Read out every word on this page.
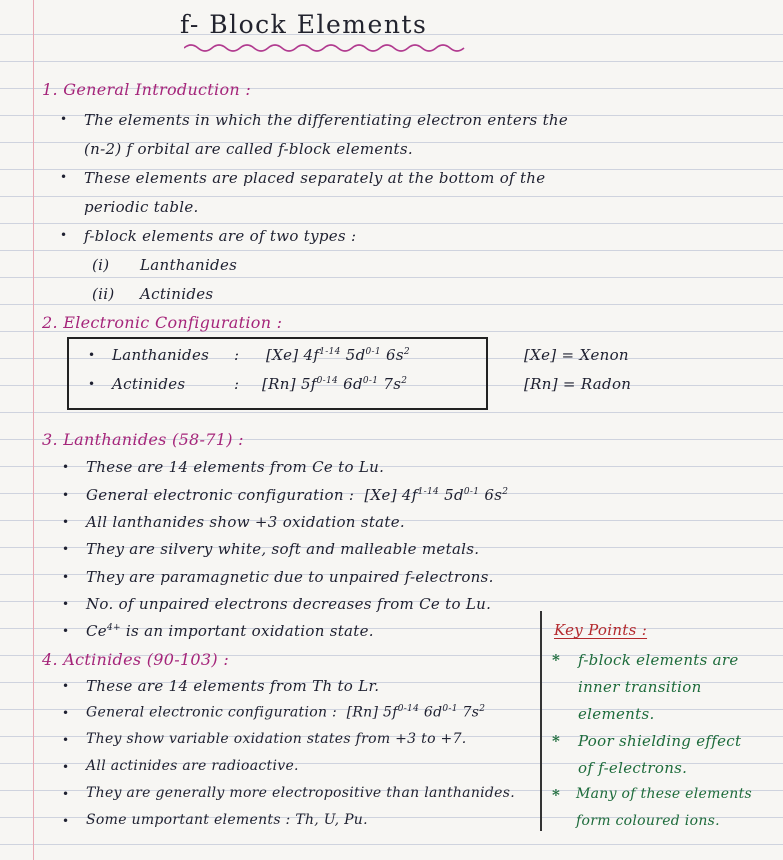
f- Block Elements
1. General Introduction :
• The elements in which the differentiating electron enters the
(n-2) f orbital are called f-block elements.
• These elements are placed separately at the bottom of the
periodic table.
• f-block elements are of two types :
(i) Lanthanides
(ii) Actinides
2. Electronic Configuration :
• Lanthanides : [Xe] $4f^{1-14}$ $5d^{0-1}$ $6s^2$
• Actinides	: [Rn] $5f^{0-14}$ $6d^{0-1}$ $7s^2$
[Xe] = Xenon
[Rn] = Radon
3. Lanthanides (58-71) :
• These are 14 elements from Ce to Lu.
• General electronic configuration : [Xe] $4f^{1-14}$ $5d^{0-1}$ $6s^2$
• All lanthanides show +3 oxidation state.
• They are silvery white, soft and malleable metals.
• They are paramagnetic due to unpaired f-electrons.
• No. of unpaired electrons decreases from Ce to Lu.
• $Ce^{4+}$ is an important oxidation state.
4. Actinides (90-103) :
• These are 14 elements from Th to Lr.
• General electronic configuration : [Rn] $5f^{0-14}$ $6d^{0-1}$ $7s^2$
• They show variable oxidation states from +3 to +7.
• All actinides are radioactive.
• They are generally more electropositive than lanthanides.
• Some umportant elements : Th, U, Pu.
Key Points :
* f-block elements are
inner transition
elements.
* Poor shielding effect
of f-electrons.
* Many of these elements
form coloured ions.
